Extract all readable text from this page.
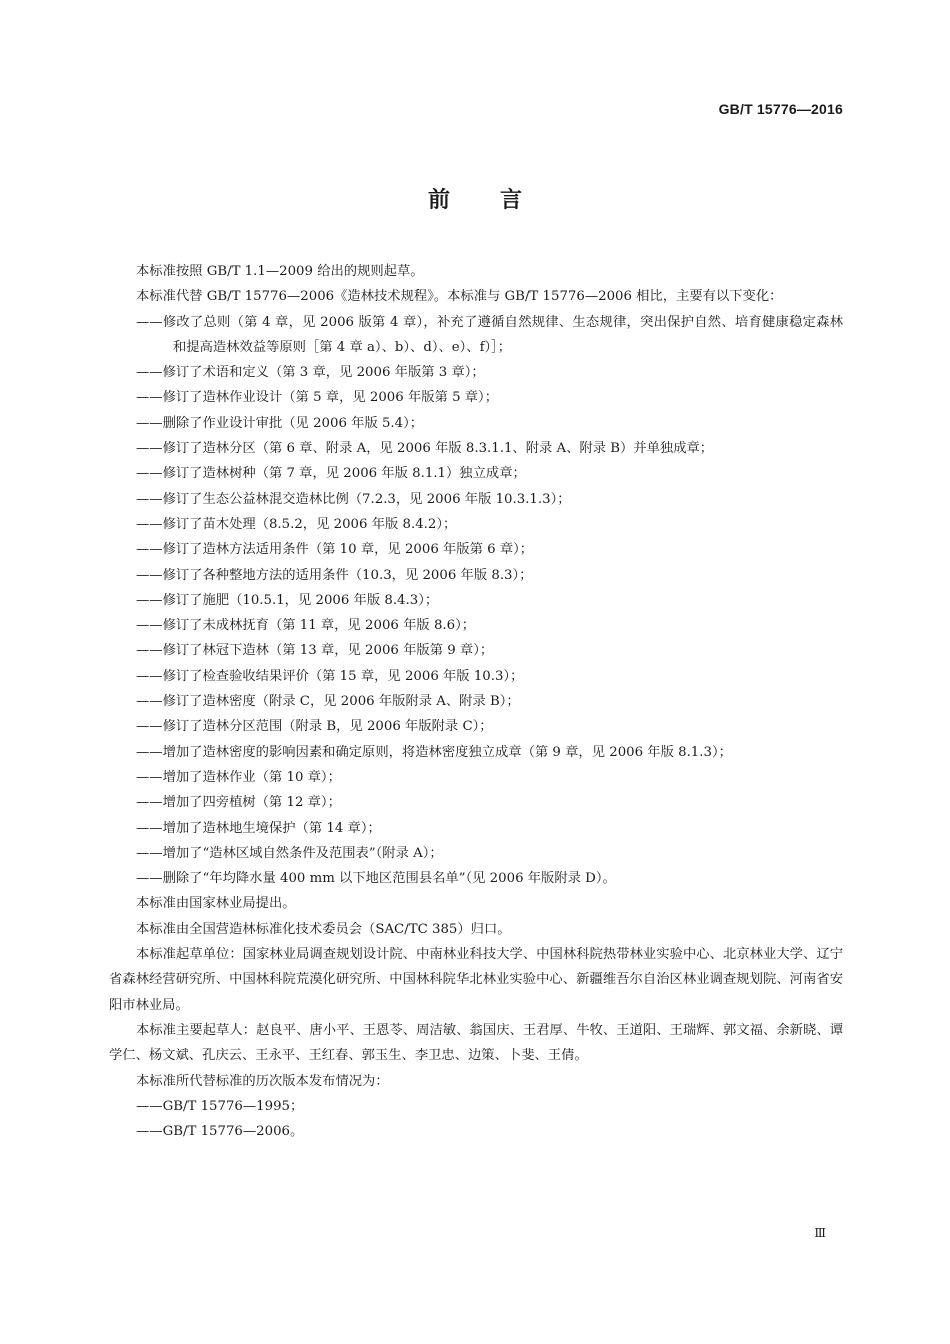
GB/T 15776—2016
前言

本标准按照 GB/T 1.1—2009 给出的规则起草。

本标准代替 GB/T 15776—2006《造林技术规程》。本标准与 GB/T 15776—2006 相比，主要有以下变化：

——修改了总则（第 4 章，见 2006 版第 4 章），补充了遵循自然规律、生态规律，突出保护自然、培育健康稳定森林和提高造林效益等原则［第 4 章 a）、b）、d）、e）、f）］；

——修订了术语和定义（第 3 章，见 2006 年版第 3 章）；

——修订了造林作业设计（第 5 章，见 2006 年版第 5 章）；

——删除了作业设计审批（见 2006 年版 5.4）；

——修订了造林分区（第 6 章、附录 A，见 2006 年版 8.3.1.1、附录 A、附录 B）并单独成章；

——修订了造林树种（第 7 章，见 2006 年版 8.1.1）独立成章；

——修订了生态公益林混交造林比例（7.2.3，见 2006 年版 10.3.1.3）；

——修订了苗木处理（8.5.2，见 2006 年版 8.4.2）；

——修订了造林方法适用条件（第 10 章，见 2006 年版第 6 章）；

——修订了各种整地方法的适用条件（10.3，见 2006 年版 8.3）；

——修订了施肥（10.5.1，见 2006 年版 8.4.3）；

——修订了未成林抚育（第 11 章，见 2006 年版 8.6）；

——修订了林冠下造林（第 13 章，见 2006 年版第 9 章）；

——修订了检查验收结果评价（第 15 章，见 2006 年版 10.3）；

——修订了造林密度（附录 C，见 2006 年版附录 A、附录 B）；

——修订了造林分区范围（附录 B，见 2006 年版附录 C）；

——增加了造林密度的影响因素和确定原则，将造林密度独立成章（第 9 章，见 2006 年版 8.1.3）；

——增加了造林作业（第 10 章）；

——增加了四旁植树（第 12 章）；

——增加了造林地生境保护（第 14 章）；

——增加了“造林区域自然条件及范围表”（附录 A）；

——删除了“年均降水量 400 mm 以下地区范围县名单”（见 2006 年版附录 D）。

本标准由国家林业局提出。

本标准由全国营造林标准化技术委员会（SAC/TC 385）归口。

本标准起草单位：国家林业局调查规划设计院、中南林业科技大学、中国林科院热带林业实验中心、北京林业大学、辽宁省森林经营研究所、中国林科院荒漠化研究所、中国林科院华北林业实验中心、新疆维吾尔自治区林业调查规划院、河南省安阳市林业局。

本标准主要起草人：赵良平、唐小平、王恩苓、周洁敏、翁国庆、王君厚、牛牧、王道阳、王瑞辉、郭文福、余新晓、谭学仁、杨文斌、孔庆云、王永平、王红春、郭玉生、李卫忠、边策、卜斐、王倩。

本标准所代替标准的历次版本发布情况为：

——GB/T 15776—1995；

——GB/T 15776—2006。

Ⅲ
